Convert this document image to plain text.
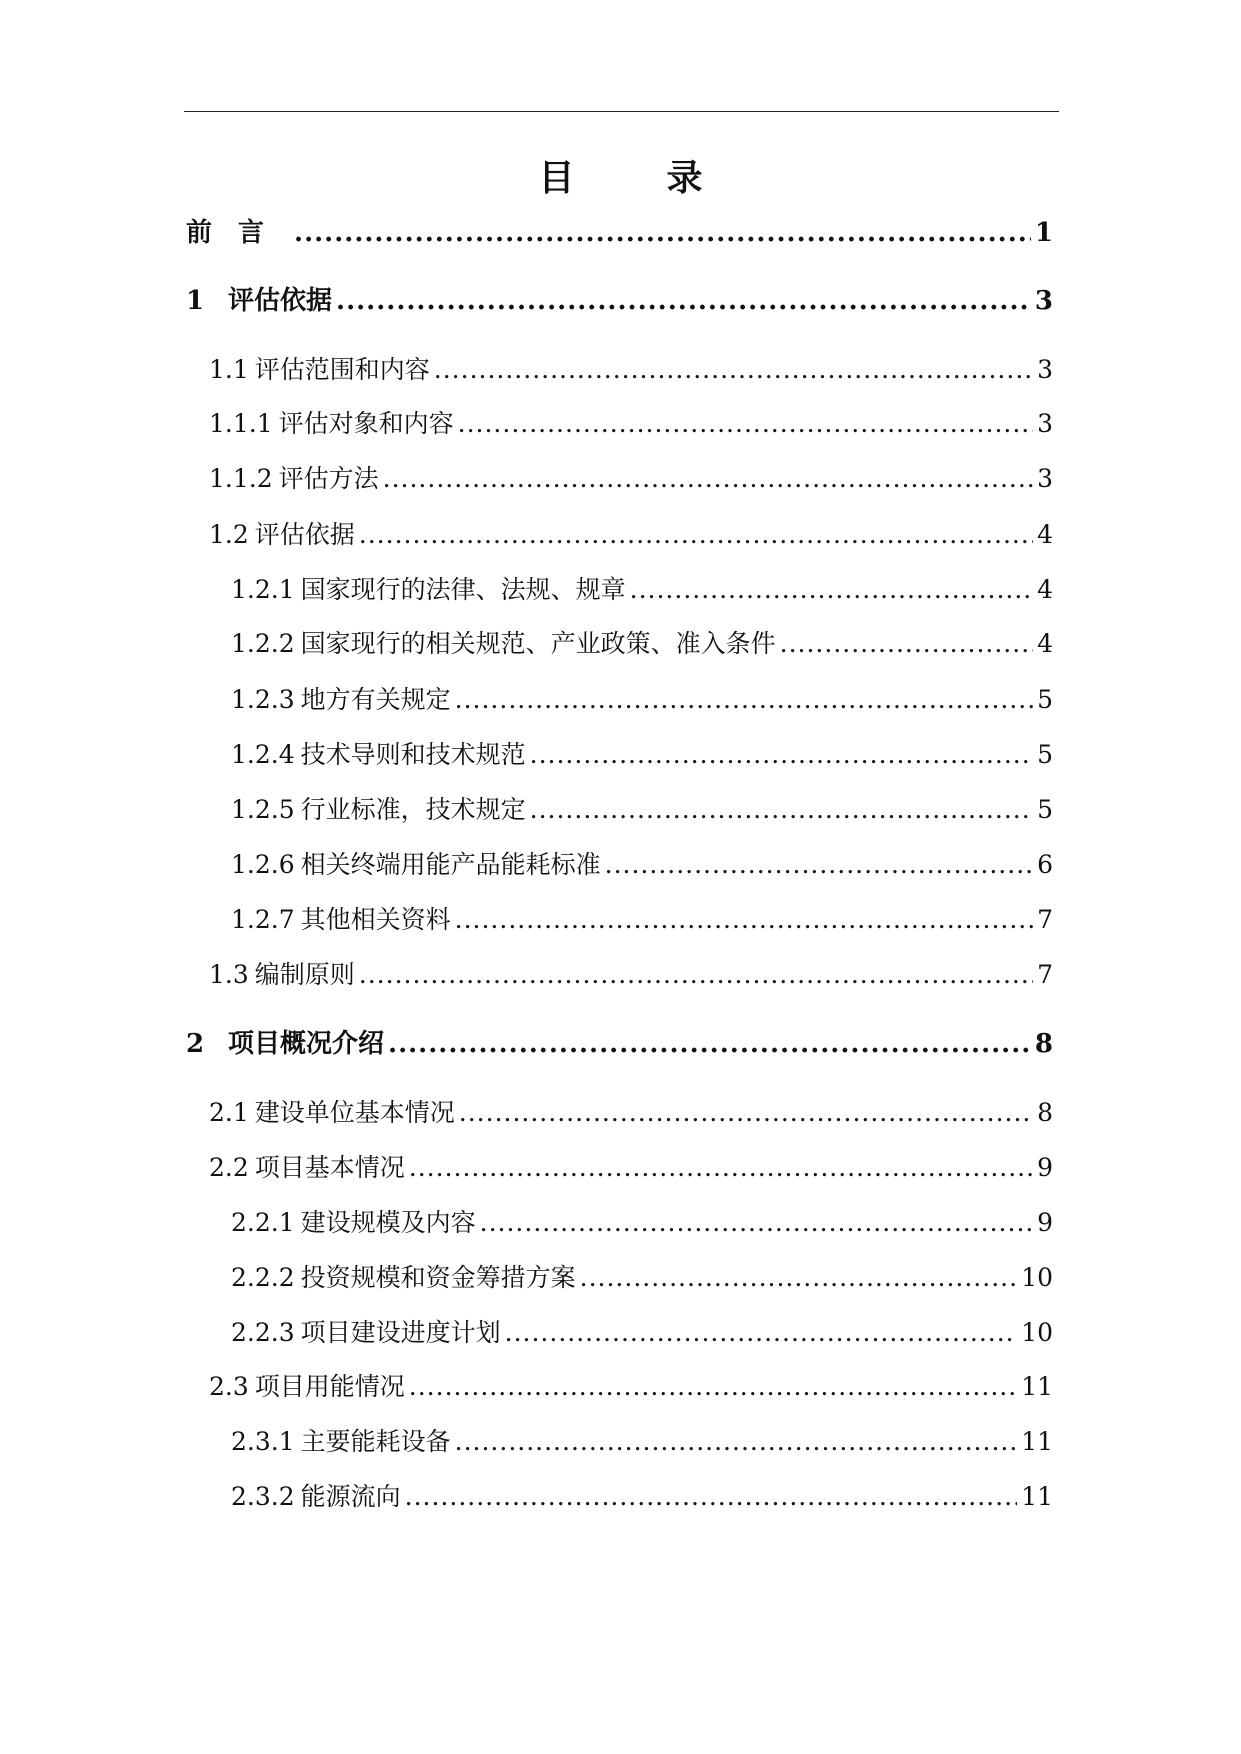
目　录
前言 .....	1
1 评估依据 .....	3
1.1 评估范围和内容 .....	3
1.1.1 评估对象和内容 .....	3
1.1.2 评估方法 .....	3
1.2 评估依据 .....	4
1.2.1 国家现行的法律、法规、规章 .....	4
1.2.2 国家现行的相关规范、产业政策、准入条件 .....	4
1.2.3 地方有关规定 .....	5
1.2.4 技术导则和技术规范 .....	5
1.2.5 行业标准，技术规定 .....	5
1.2.6 相关终端用能产品能耗标准 .....	6
1.2.7 其他相关资料 .....	7
1.3 编制原则 .....	7
2 项目概况介绍 .....	8
2.1 建设单位基本情况 .....	8
2.2 项目基本情况 .....	9
2.2.1 建设规模及内容 .....	9
2.2.2 投资规模和资金筹措方案 .....	10
2.2.3 项目建设进度计划 .....	10
2.3 项目用能情况 .....	11
2.3.1 主要能耗设备 .....	11
2.3.2 能源流向 .....	11
